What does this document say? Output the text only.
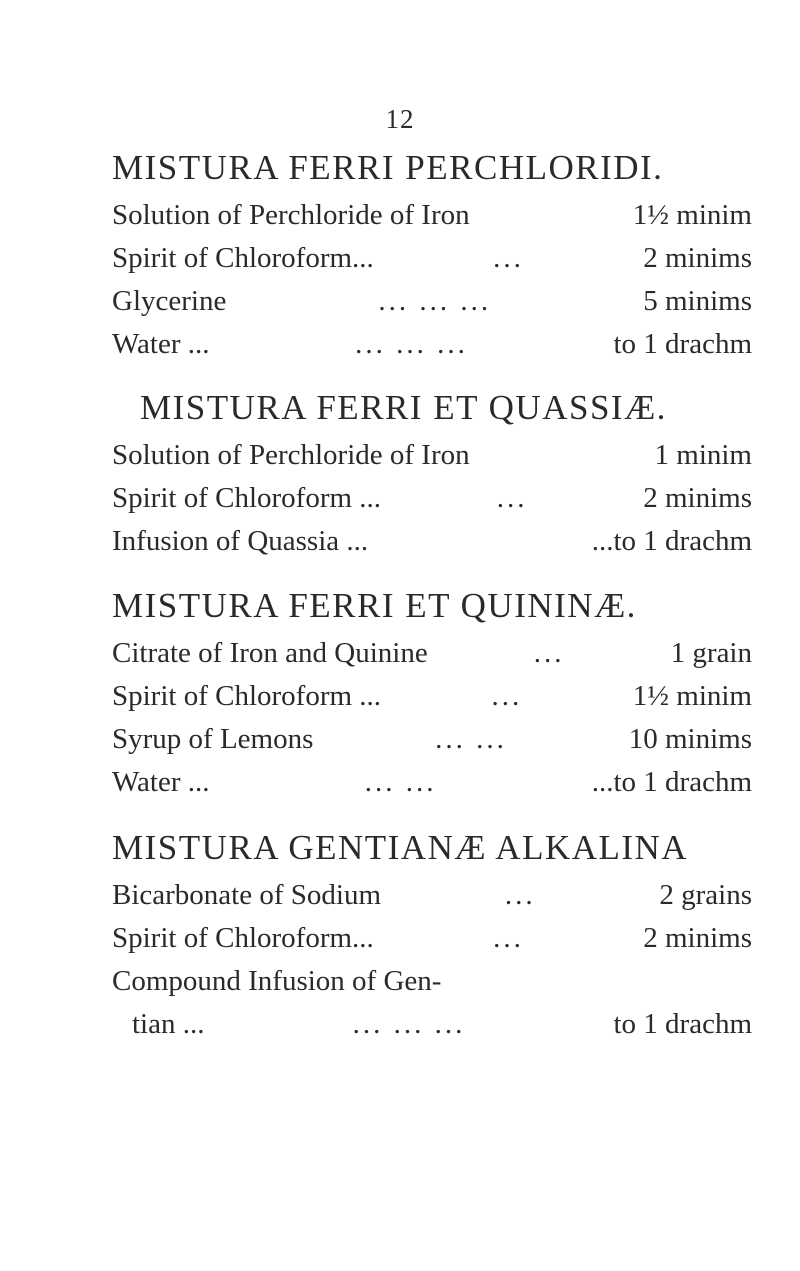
12
MISTURA FERRI PERCHLORIDI.
Solution of Perchloride of Iron	1½ minim
Spirit of Chloroform...	...	2 minims
Glycerine	... ... ...	5 minims
Water ...	... ... ...	to 1 drachm
MISTURA FERRI ET QUASSIÆ.
Solution of Perchloride of Iron	1 minim
Spirit of Chloroform ...	...	2 minims
Infusion of Quassia ...	...to 1 drachm
MISTURA FERRI ET QUININÆ.
Citrate of Iron and Quinine	...	1 grain
Spirit of Chloroform ...	...	1½ minim
Syrup of Lemons	... ...	10 minims
Water ...	... ...	...to 1 drachm
MISTURA GENTIANÆ ALKALINA
Bicarbonate of Sodium	...	2 grains
Spirit of Chloroform...	...	2 minims
Compound Infusion of Gen-
tian ...	... ... ...	to 1 drachm
